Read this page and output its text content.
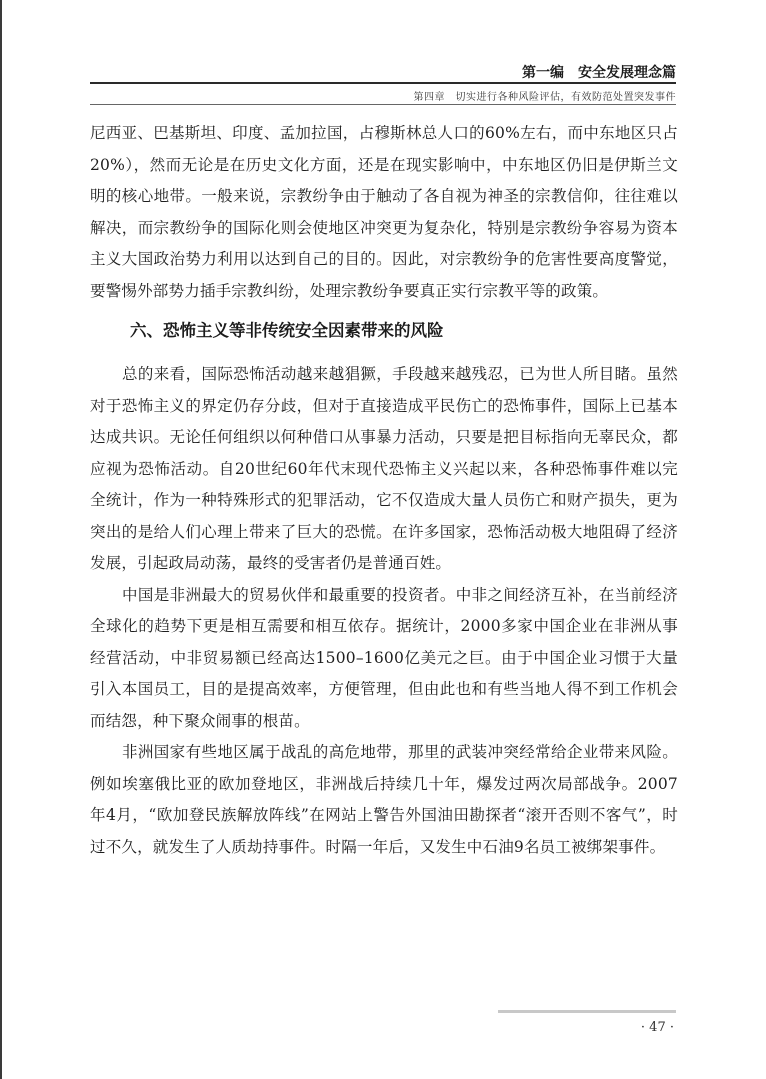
第一编　安全发展理念篇
第四章　切实进行各种风险评估，有效防范处置突发事件

尼西亚、巴基斯坦、印度、孟加拉国，占穆斯林总人口的60%左右，而中东地区只占20%），然而无论是在历史文化方面，还是在现实影响中，中东地区仍旧是伊斯兰文明的核心地带。一般来说，宗教纷争由于触动了各自视为神圣的宗教信仰，往往难以解决，而宗教纷争的国际化则会使地区冲突更为复杂化，特别是宗教纷争容易为资本主义大国政治势力利用以达到自己的目的。因此，对宗教纷争的危害性要高度警觉，要警惕外部势力插手宗教纠纷，处理宗教纷争要真正实行宗教平等的政策。

六、恐怖主义等非传统安全因素带来的风险

总的来看，国际恐怖活动越来越猖獗，手段越来越残忍，已为世人所目睹。虽然对于恐怖主义的界定仍存分歧，但对于直接造成平民伤亡的恐怖事件，国际上已基本达成共识。无论任何组织以何种借口从事暴力活动，只要是把目标指向无辜民众，都应视为恐怖活动。自20世纪60年代末现代恐怖主义兴起以来，各种恐怖事件难以完全统计，作为一种特殊形式的犯罪活动，它不仅造成大量人员伤亡和财产损失，更为突出的是给人们心理上带来了巨大的恐慌。在许多国家，恐怖活动极大地阻碍了经济发展，引起政局动荡，最终的受害者仍是普通百姓。

中国是非洲最大的贸易伙伴和最重要的投资者。中非之间经济互补，在当前经济全球化的趋势下更是相互需要和相互依存。据统计，2000多家中国企业在非洲从事经营活动，中非贸易额已经高达1500–1600亿美元之巨。由于中国企业习惯于大量引入本国员工，目的是提高效率，方便管理，但由此也和有些当地人得不到工作机会而结怨，种下聚众闹事的根苗。

非洲国家有些地区属于战乱的高危地带，那里的武装冲突经常给企业带来风险。例如埃塞俄比亚的欧加登地区，非洲战后持续几十年，爆发过两次局部战争。2007年4月，“欧加登民族解放阵线”在网站上警告外国油田勘探者“滚开否则不客气”，时过不久，就发生了人质劫持事件。时隔一年后，又发生中石油9名员工被绑架事件。

· 47 ·
